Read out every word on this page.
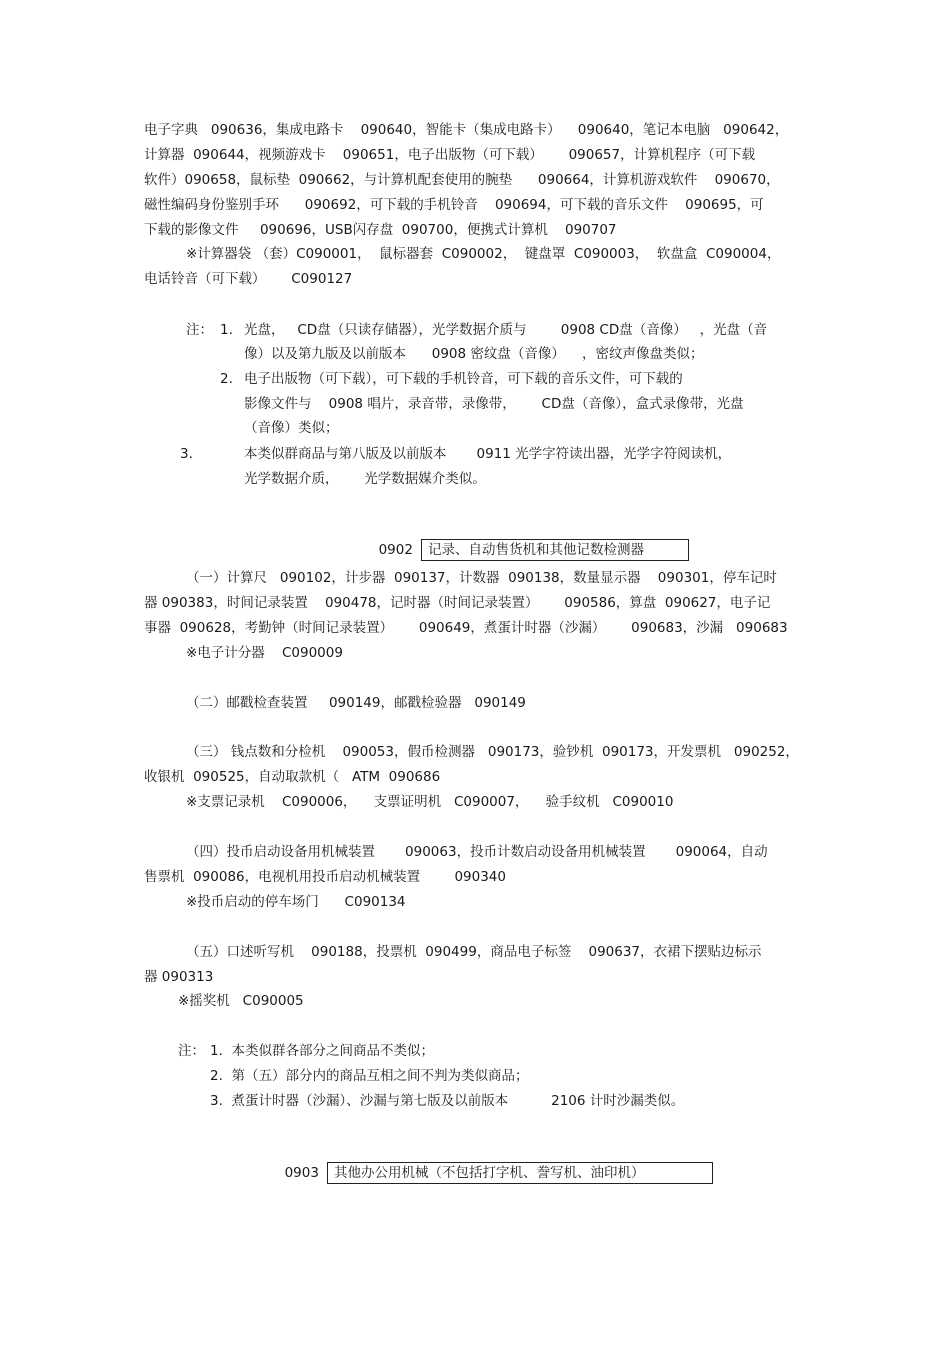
电子字典   090636，集成电路卡    090640，智能卡（集成电路卡）    090640，笔记本电脑   090642，
计算器  090644，视频游戏卡    090651，电子出版物（可下载）      090657，计算机程序（可下载
软件）090658，鼠标垫  090662，与计算机配套使用的腕垫      090664，计算机游戏软件    090670，
磁性编码身份鉴别手环      090692，可下载的手机铃音    090694，可下载的音乐文件    090695，可
下载的影像文件     090696，USB闪存盘  090700，便携式计算机    090707
※计算器袋 （套）C090001，  鼠标器套  C090002，  键盘罩  C090003，  软盘盒  C090004，
电话铃音（可下载）      C090127
注： 1. 光盘，   CD盘（只读存储器），光学数据介质与        0908 CD盘（音像）   ，光盘（音
像）以及第九版及以前版本      0908 密纹盘（音像）    ，密纹声像盘类似；
2. 电子出版物（可下载），可下载的手机铃音，可下载的音乐文件，可下载的
影像文件与    0908 唱片，录音带，录像带，      CD盘（音像），盒式录像带，光盘
（音像）类似；
3.	本类似群商品与第八版及以前版本       0911 光学字符读出器，光学字符阅读机，
光学数据介质，      光学数据媒介类似。

0902 记录、自动售货机和其他记数检测器

（一）计算尺   090102，计步器  090137，计数器  090138，数量显示器    090301，停车记时
器 090383，时间记录装置    090478，记时器（时间记录装置）      090586，算盘  090627，电子记
事器  090628，考勤钟（时间记录装置）      090649，煮蛋计时器（沙漏）      090683，沙漏   090683
※电子计分器    C090009
（二）邮戳检查装置     090149，邮戳检验器   090149
（三） 钱点数和分检机    090053，假币检测器   090173，验钞机  090173，开发票机   090252，
收银机  090525，自动取款机（   ATM  090686
※支票记录机    C090006，    支票证明机   C090007，    验手纹机   C090010
（四）投币启动设备用机械装置       090063，投币计数启动设备用机械装置       090064，自动
售票机  090086，电视机用投币启动机械装置        090340
※投币启动的停车场门      C090134
（五）口述听写机    090188，投票机  090499，商品电子标签    090637，衣裙下摆贴边标示
器 090313
※摇奖机   C090005
注： 1.  本类似群各部分之间商品不类似；
2.  第（五）部分内的商品互相之间不判为类似商品；
3.  煮蛋计时器（沙漏）、沙漏与第七版及以前版本          2106 计时沙漏类似。

0903 其他办公用机械（不包括打字机、誊写机、油印机）
